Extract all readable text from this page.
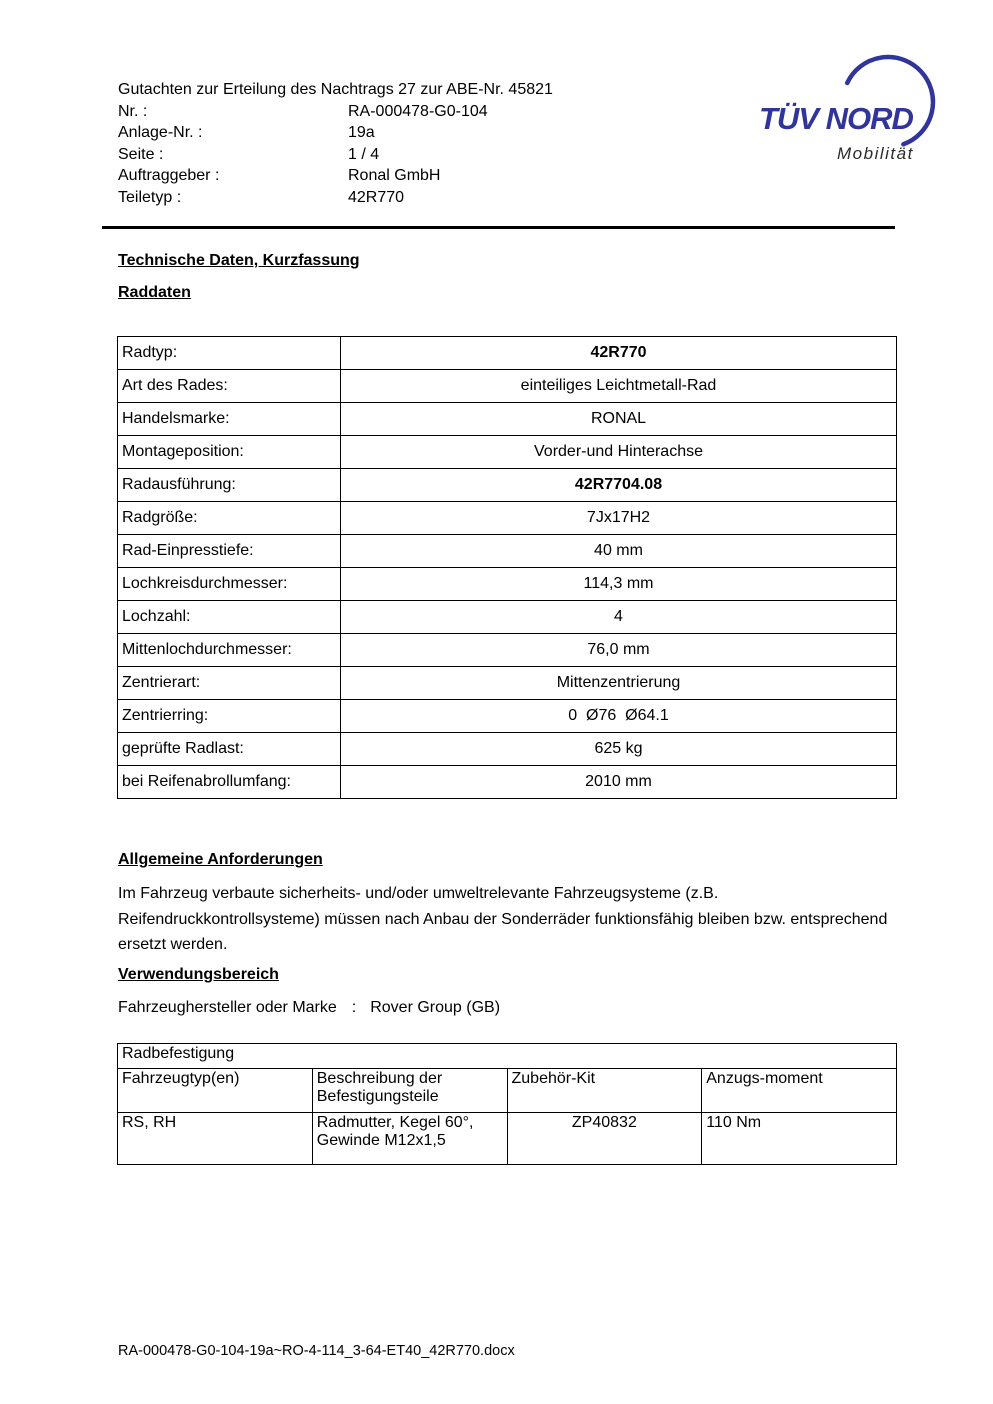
Gutachten zur Erteilung des Nachtrags 27 zur ABE-Nr. 45821
Nr. :	RA-000478-G0-104
Anlage-Nr. :	19a
Seite :	1 / 4
Auftraggeber :	Ronal GmbH
Teiletyp :	42R770
TÜV NORD
Mobilität
Technische Daten, Kurzfassung
Raddaten
Radtyp:	42R770
Art des Rades:	einteiliges Leichtmetall-Rad
Handelsmarke:	RONAL
Montageposition:	Vorder-und Hinterachse
Radausführung:	42R7704.08
Radgröße:	7Jx17H2
Rad-Einpresstiefe:	40 mm
Lochkreisdurchmesser:	114,3 mm
Lochzahl:	4
Mittenlochdurchmesser:	76,0 mm
Zentrierart:	Mittenzentrierung
Zentrierring:	0  Ø76  Ø64.1
geprüfte Radlast:	625 kg
bei Reifenabrollumfang:	2010 mm
Allgemeine Anforderungen

Im Fahrzeug verbaute sicherheits- und/oder umweltrelevante Fahrzeugsysteme (z.B. Reifendruckkontrollsysteme) müssen nach Anbau der Sonderräder funktionsfähig bleiben bzw. entsprechend ersetzt werden.

Verwendungsbereich
Fahrzeughersteller oder Marke : Rover Group (GB)
Radbefestigung			
Fahrzeugtyp(en)	Beschreibung der Befestigungsteile	Zubehör-Kit	Anzugs-moment
RS, RH	Radmutter, Kegel 60°, Gewinde M12x1,5	ZP40832	110 Nm
RA-000478-G0-104-19a~RO-4-114_3-64-ET40_42R770.docx
